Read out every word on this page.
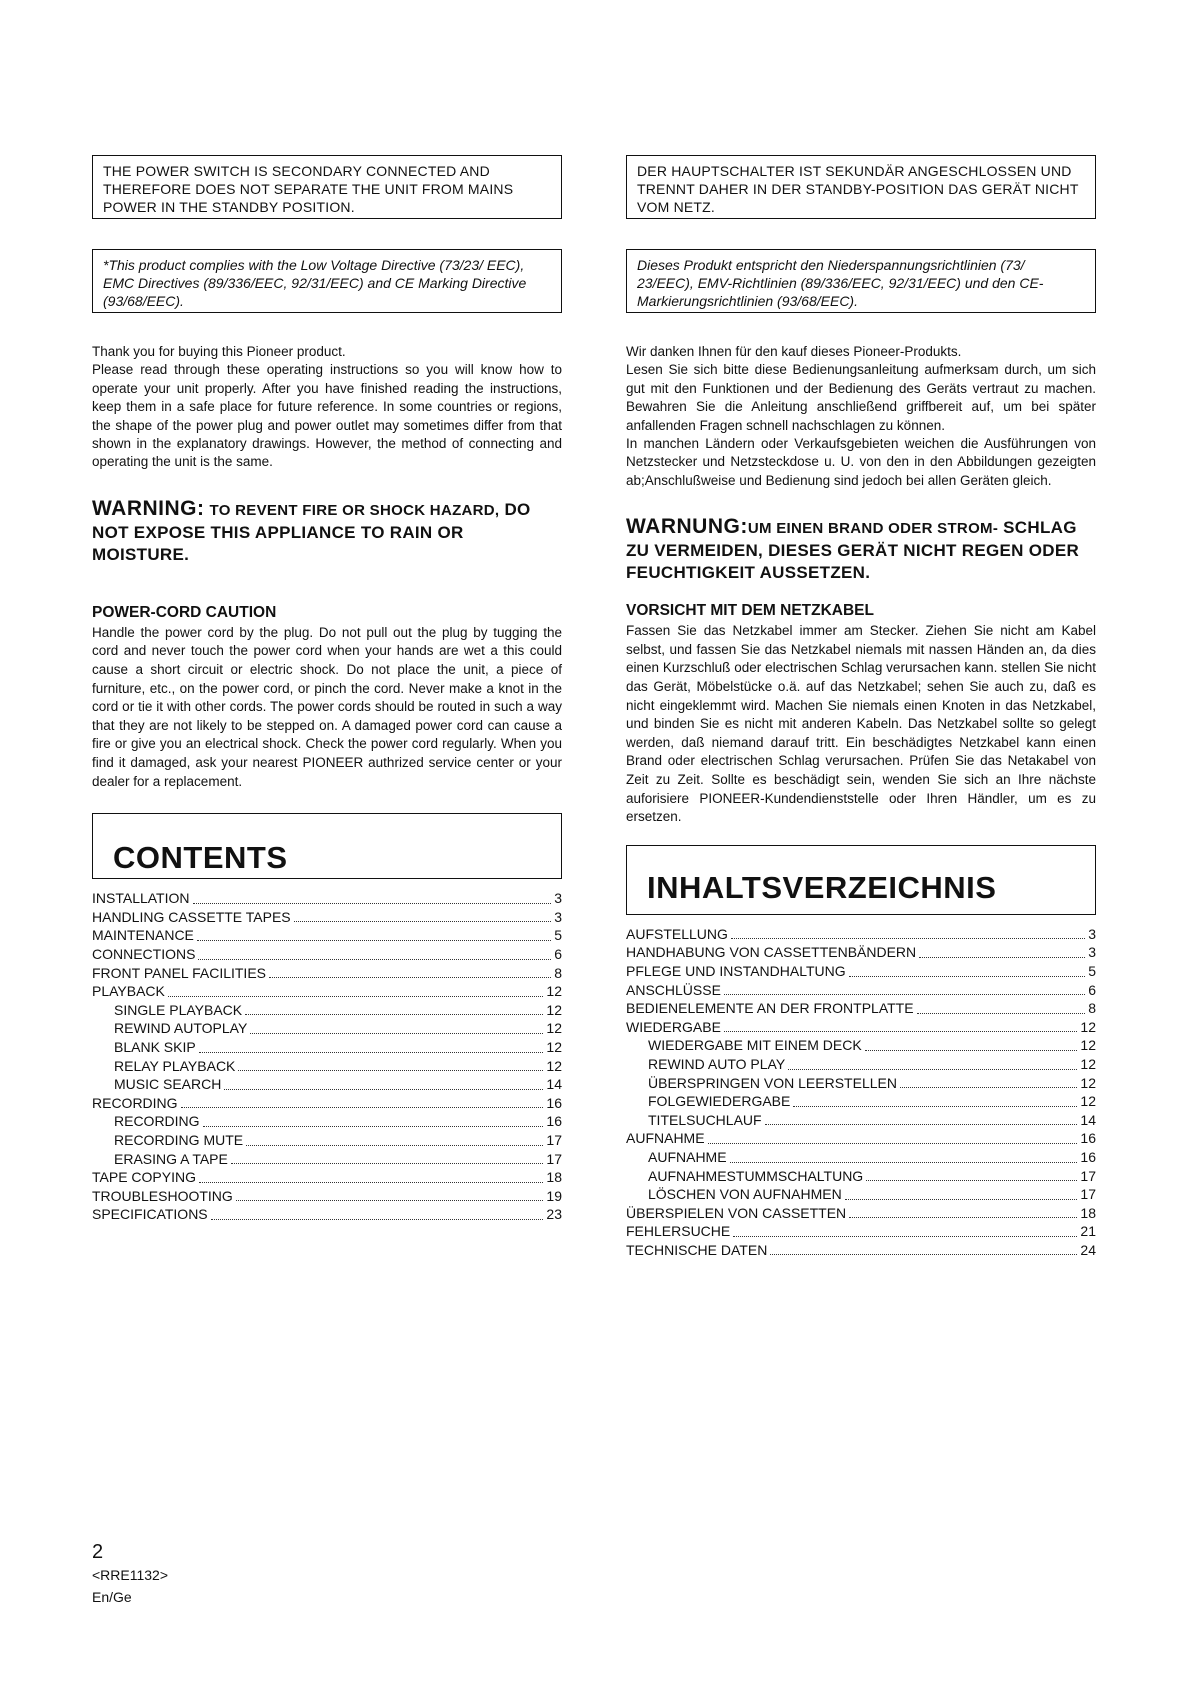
THE POWER SWITCH IS SECONDARY CONNECTED AND THEREFORE DOES NOT SEPARATE THE UNIT FROM MAINS POWER IN THE STANDBY POSITION.
*This product complies with the Low Voltage Directive (73/23/ EEC), EMC Directives (89/336/EEC, 92/31/EEC) and CE Marking Directive (93/68/EEC).

Thank you for buying this Pioneer product.

Please read through these operating instructions so you will know how to operate your unit properly. After you have finished reading the instructions, keep them in a safe place for future reference. In some countries or regions, the shape of the power plug and power outlet may sometimes differ from that shown in the explanatory drawings. However, the method of connecting and operating the unit is the same.

WARNING: TO REVENT FIRE OR SHOCK HAZARD, DO NOT EXPOSE THIS APPLIANCE TO RAIN OR MOISTURE.
POWER-CORD CAUTION

Handle the power cord by the plug. Do not pull out the plug by tugging the cord and never touch the power cord when your hands are wet a this could cause a short circuit or electric shock. Do not place the unit, a piece of furniture, etc., on the power cord, or pinch the cord. Never make a knot in the cord or tie it with other cords. The power cords should be routed in such a way that they are not likely to be stepped on. A damaged power cord can cause a fire or give you an electrical shock. Check the power cord regularly. When you find it damaged, ask your nearest PIONEER authrized service center or your dealer for a replacement.

CONTENTS
INSTALLATION	3
HANDLING CASSETTE TAPES	3
MAINTENANCE	5
CONNECTIONS	6
FRONT PANEL FACILITIES	8
PLAYBACK	12
SINGLE PLAYBACK	12
REWIND AUTOPLAY	12
BLANK SKIP	12
RELAY PLAYBACK	12
MUSIC SEARCH	14
RECORDING	16
RECORDING	16
RECORDING MUTE	17
ERASING A TAPE	17
TAPE COPYING	18
TROUBLESHOOTING	19
SPECIFICATIONS	23
DER HAUPTSCHALTER IST SEKUNDÄR ANGESCHLOSSEN UND TRENNT DAHER IN DER STANDBY-POSITION DAS GERÄT NICHT VOM NETZ.
Dieses Produkt entspricht den Niederspannungsrichtlinien (73/ 23/EEC), EMV-Richtlinien (89/336/EEC, 92/31/EEC) und den CE-Markierungsrichtlinien (93/68/EEC).

Wir danken Ihnen für den kauf dieses Pioneer-Produkts.

Lesen Sie sich bitte diese Bedienungsanleitung aufmerksam durch, um sich gut mit den Funktionen und der Bedienung des Geräts vertraut zu machen. Bewahren Sie die Anleitung anschließend griffbereit auf, um bei später anfallenden Fragen schnell nachschlagen zu können.

In manchen Ländern oder Verkaufsgebieten weichen die Ausführungen von Netzstecker und Netzsteckdose u. U. von den in den Abbildungen gezeigten ab;Anschlußweise und Bedienung sind jedoch bei allen Geräten gleich.

WARNUNG:UM EINEN BRAND ODER STROM- SCHLAG ZU VERMEIDEN, DIESES GERÄT NICHT REGEN ODER FEUCHTIGKEIT AUSSETZEN.
VORSICHT MIT DEM NETZKABEL

Fassen Sie das Netzkabel immer am Stecker. Ziehen Sie nicht am Kabel selbst, und fassen Sie das Netzkabel niemals mit nassen Händen an, da dies einen Kurzschluß oder electrischen Schlag verursachen kann. stellen Sie nicht das Gerät, Möbelstücke o.ä. auf das Netzkabel; sehen Sie auch zu, daß es nicht eingeklemmt wird. Machen Sie niemals einen Knoten in das Netzkabel, und binden Sie es nicht mit anderen Kabeln. Das Netzkabel sollte so gelegt werden, daß niemand darauf tritt. Ein beschädigtes Netzkabel kann einen Brand oder electrischen Schlag verursachen. Prüfen Sie das Netakabel von Zeit zu Zeit. Sollte es beschädigt sein, wenden Sie sich an Ihre nächste auforisiere PIONEER-Kundendienststelle oder Ihren Händler, um es zu ersetzen.

INHALTSVERZEICHNIS
AUFSTELLUNG	3
HANDHABUNG VON CASSETTENBÄNDERN	3
PFLEGE UND INSTANDHALTUNG	5
ANSCHLÜSSE	6
BEDIENELEMENTE AN DER FRONTPLATTE	8
WIEDERGABE	12
WIEDERGABE MIT EINEM DECK	12
REWIND AUTO PLAY	12
ÜBERSPRINGEN VON LEERSTELLEN	12
FOLGEWIEDERGABE	12
TITELSUCHLAUF	14
AUFNAHME	16
AUFNAHME	16
AUFNAHMESTUMMSCHALTUNG	17
LÖSCHEN VON AUFNAHMEN	17
ÜBERSPIELEN VON CASSETTEN	18
FEHLERSUCHE	21
TECHNISCHE DATEN	24
2
<RRE1132>
En/Ge
